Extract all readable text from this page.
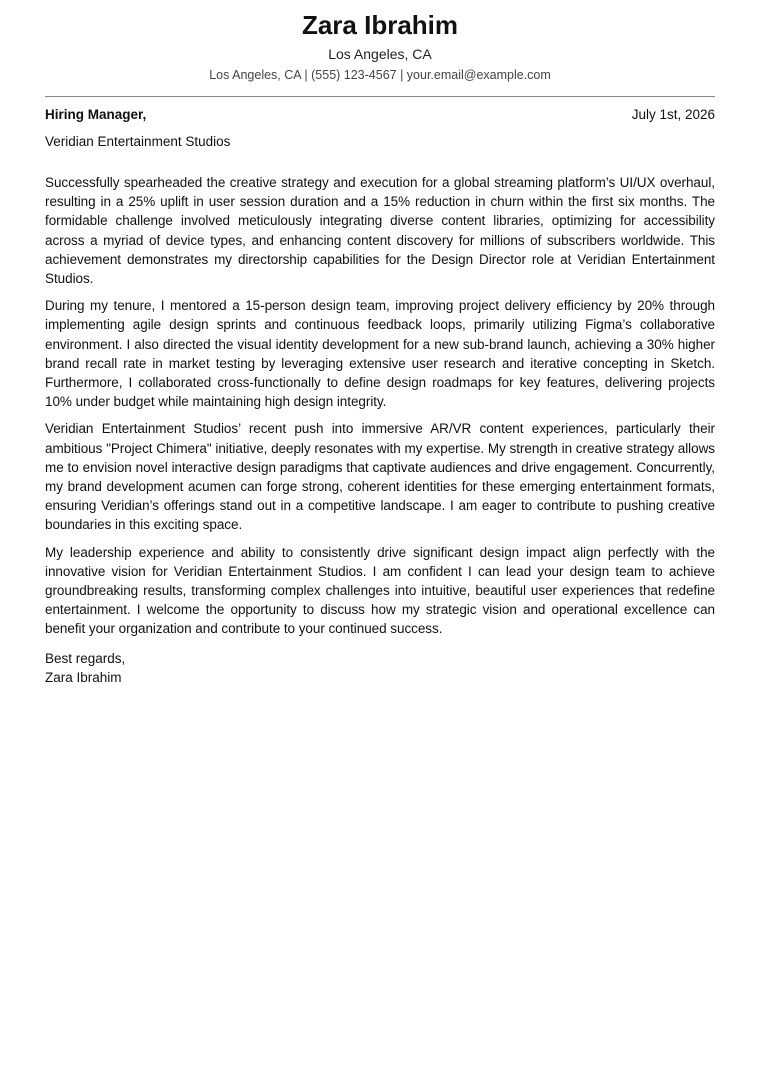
Zara Ibrahim
Los Angeles, CA
Los Angeles, CA | (555) 123-4567 | your.email@example.com
Hiring Manager,	July 1st, 2026
Veridian Entertainment Studios

Successfully spearheaded the creative strategy and execution for a global streaming platform’s UI/UX overhaul, resulting in a 25% uplift in user session duration and a 15% reduction in churn within the first six months. The formidable challenge involved meticulously integrating diverse content libraries, optimizing for accessibility across a myriad of device types, and enhancing content discovery for millions of subscribers worldwide. This achievement demonstrates my directorship capabilities for the Design Director role at Veridian Entertainment Studios.

During my tenure, I mentored a 15-person design team, improving project delivery efficiency by 20% through implementing agile design sprints and continuous feedback loops, primarily utilizing Figma’s collaborative environment. I also directed the visual identity development for a new sub-brand launch, achieving a 30% higher brand recall rate in market testing by leveraging extensive user research and iterative concepting in Sketch. Furthermore, I collaborated cross-functionally to define design roadmaps for key features, delivering projects 10% under budget while maintaining high design integrity.

Veridian Entertainment Studios’ recent push into immersive AR/VR content experiences, particularly their ambitious "Project Chimera" initiative, deeply resonates with my expertise. My strength in creative strategy allows me to envision novel interactive design paradigms that captivate audiences and drive engagement. Concurrently, my brand development acumen can forge strong, coherent identities for these emerging entertainment formats, ensuring Veridian’s offerings stand out in a competitive landscape. I am eager to contribute to pushing creative boundaries in this exciting space.

My leadership experience and ability to consistently drive significant design impact align perfectly with the innovative vision for Veridian Entertainment Studios. I am confident I can lead your design team to achieve groundbreaking results, transforming complex challenges into intuitive, beautiful user experiences that redefine entertainment. I welcome the opportunity to discuss how my strategic vision and operational excellence can benefit your organization and contribute to your continued success.

Best regards,
Zara Ibrahim
